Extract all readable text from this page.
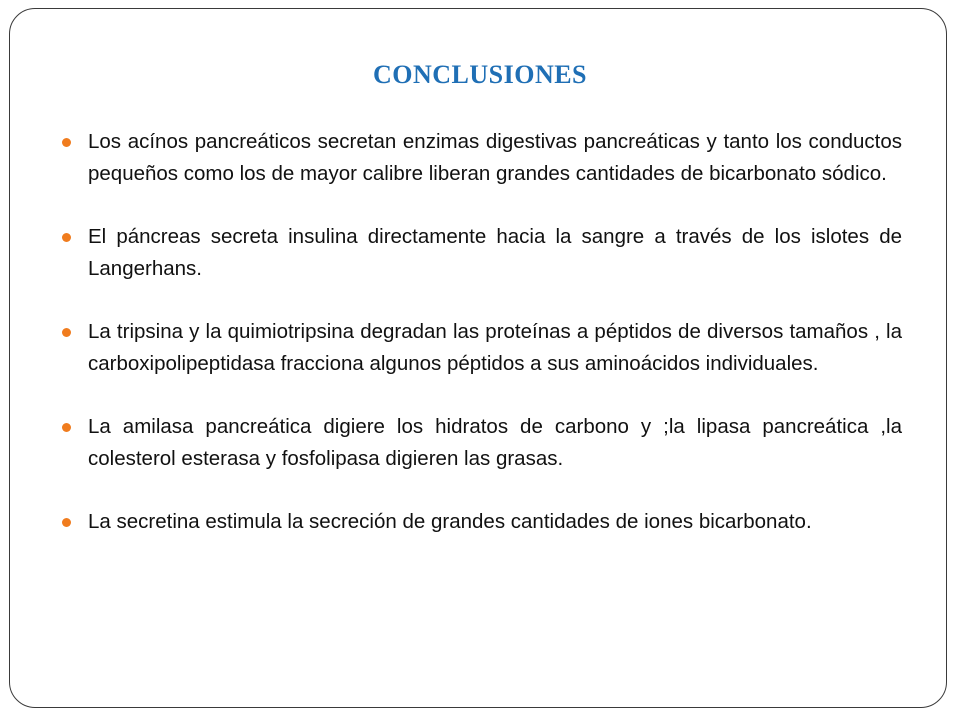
CONCLUSIONES
Los acínos pancreáticos secretan enzimas digestivas pancreáticas y tanto los conductos pequeños como los de mayor calibre liberan grandes cantidades de bicarbonato sódico.
El páncreas secreta insulina directamente hacia la sangre a través de los islotes de Langerhans.
La tripsina y la quimiotripsina degradan las proteínas a péptidos de diversos tamaños , la carboxipolipeptidasa fracciona algunos péptidos a sus aminoácidos individuales.
La amilasa pancreática digiere los hidratos de carbono y ;la lipasa pancreática ,la colesterol esterasa y fosfolipasa digieren las grasas.
La secretina estimula la secreción de grandes cantidades de iones bicarbonato.
